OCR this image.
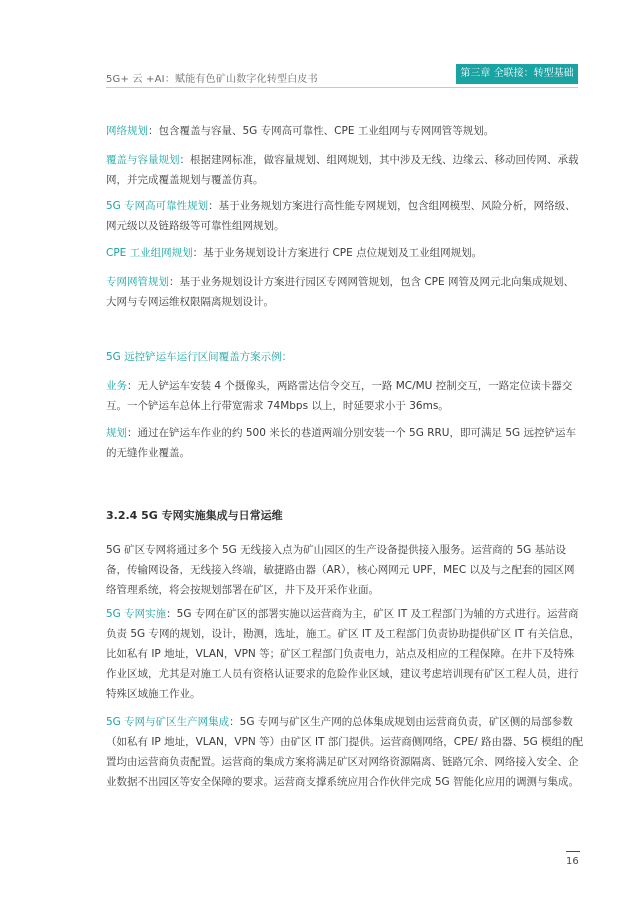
5G+ 云 +AI：赋能有色矿山数字化转型白皮书
第三章 全联接：转型基础

网络规划：包含覆盖与容量、5G 专网高可靠性、CPE 工业组网与专网网管等规划。

覆盖与容量规划：根据建网标准，做容量规划、组网规划，其中涉及无线、边缘云、移动回传网、承载网，并完成覆盖规划与覆盖仿真。

5G 专网高可靠性规划：基于业务规划方案进行高性能专网规划，包含组网模型、风险分析，网络级、网元级以及链路级等可靠性组网规划。

CPE 工业组网规划：基于业务规划设计方案进行 CPE 点位规划及工业组网规划。

专网网管规划：基于业务规划设计方案进行园区专网网管规划，包含 CPE 网管及网元北向集成规划、大网与专网运维权限隔离规划设计。

5G 远控铲运车运行区间覆盖方案示例：

业务：无人铲运车安装 4 个摄像头，两路雷达信令交互，一路 MC/MU 控制交互，一路定位读卡器交互。一个铲运车总体上行带宽需求 74Mbps 以上，时延要求小于 36ms。

规划：通过在铲运车作业的约 500 米长的巷道两端分别安装一个 5G RRU，即可满足 5G 远控铲运车的无缝作业覆盖。

3.2.4 5G 专网实施集成与日常运维

5G 矿区专网将通过多个 5G 无线接入点为矿山园区的生产设备提供接入服务。运营商的 5G 基站设备，传输网设备，无线接入终端，敏捷路由器（AR），核心网网元 UPF，MEC 以及与之配套的园区网络管理系统，将会按规划部署在矿区，井下及开采作业面。

5G 专网实施：5G 专网在矿区的部署实施以运营商为主，矿区 IT 及工程部门为辅的方式进行。运营商负责 5G 专网的规划，设计，勘测，选址，施工。矿区 IT 及工程部门负责协助提供矿区 IT 有关信息，比如私有 IP 地址，VLAN，VPN 等；矿区工程部门负责电力，站点及相应的工程保障。在井下及特殊作业区域，尤其是对施工人员有资格认证要求的危险作业区域，建议考虑培训现有矿区工程人员，进行特殊区域施工作业。

5G 专网与矿区生产网集成：5G 专网与矿区生产网的总体集成规划由运营商负责，矿区侧的局部参数（如私有 IP 地址，VLAN，VPN 等）由矿区 IT 部门提供。运营商侧网络，CPE/ 路由器、5G 模组的配置均由运营商负责配置。运营商的集成方案将满足矿区对网络资源隔离、链路冗余、网络接入安全、企业数据不出园区等安全保障的要求。运营商支撑系统应用合作伙伴完成 5G 智能化应用的调测与集成。

16
